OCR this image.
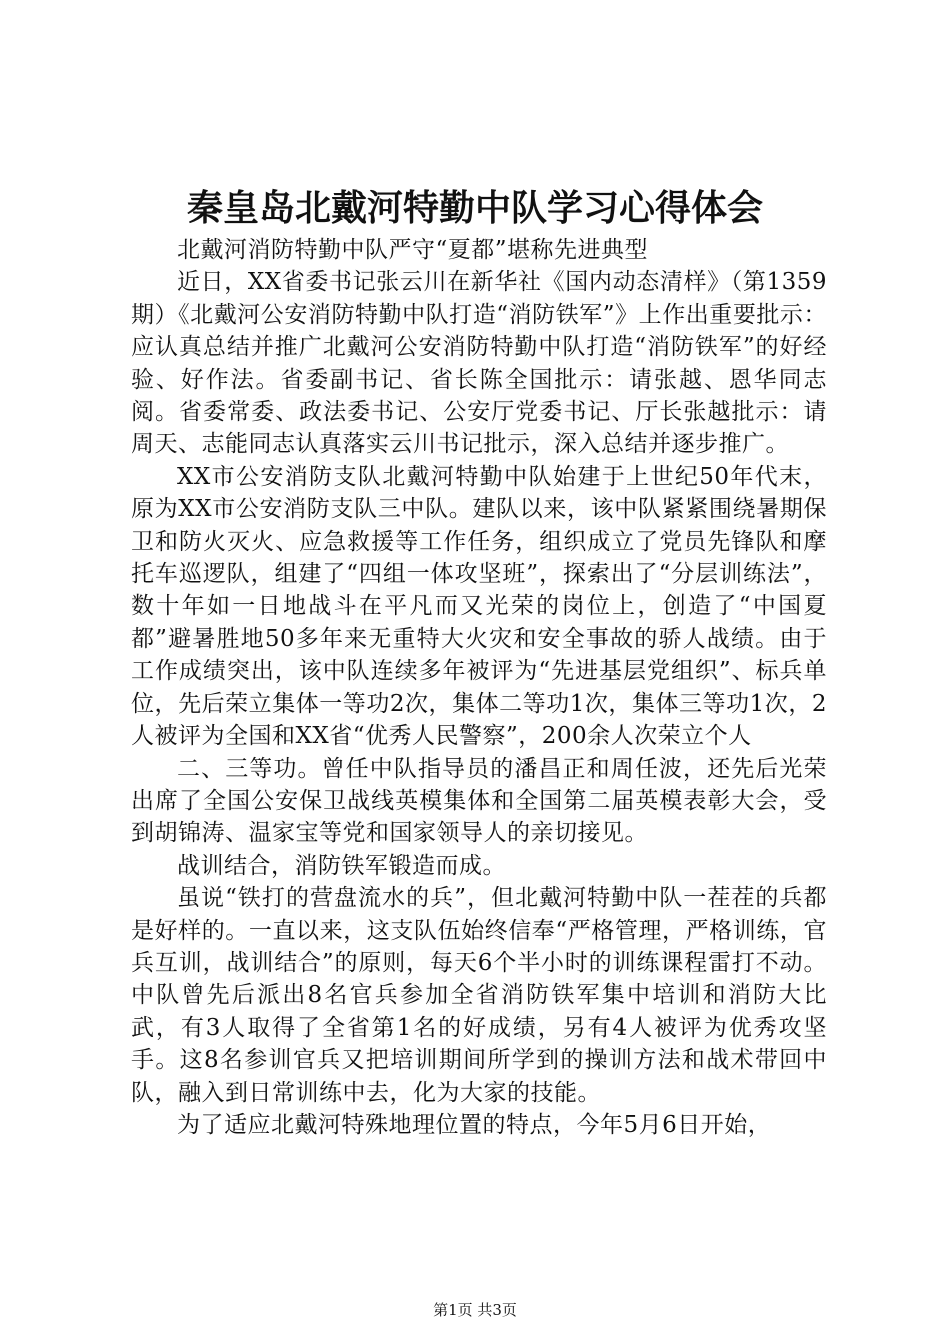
秦皇岛北戴河特勤中队学习心得体会

北戴河消防特勤中队严守“夏都”堪称先进典型

近日，XX省委书记张云川在新华社《国内动态清样》（第1359期）《北戴河公安消防特勤中队打造“消防铁军”》上作出重要批示：应认真总结并推广北戴河公安消防特勤中队打造“消防铁军”的好经验、好作法。省委副书记、省长陈全国批示：请张越、恩华同志阅。省委常委、政法委书记、公安厅党委书记、厅长张越批示：请周天、志能同志认真落实云川书记批示，深入总结并逐步推广。

XX市公安消防支队北戴河特勤中队始建于上世纪50年代末，原为XX市公安消防支队三中队。建队以来，该中队紧紧围绕暑期保卫和防火灭火、应急救援等工作任务，组织成立了党员先锋队和摩托车巡逻队，组建了“四组一体攻坚班”，探索出了“分层训练法”，数十年如一日地战斗在平凡而又光荣的岗位上，创造了“中国夏都”避暑胜地50多年来无重特大火灾和安全事故的骄人战绩。由于工作成绩突出，该中队连续多年被评为“先进基层党组织”、标兵单位，先后荣立集体一等功2次，集体二等功1次，集体三等功1次，2人被评为全国和XX省“优秀人民警察”，200余人次荣立个人

二、三等功。曾任中队指导员的潘昌正和周任波，还先后光荣出席了全国公安保卫战线英模集体和全国第二届英模表彰大会，受到胡锦涛、温家宝等党和国家领导人的亲切接见。

战训结合，消防铁军锻造而成。

虽说“铁打的营盘流水的兵”，但北戴河特勤中队一茬茬的兵都是好样的。一直以来，这支队伍始终信奉“严格管理，严格训练，官兵互训，战训结合”的原则，每天6个半小时的训练课程雷打不动。中队曾先后派出8名官兵参加全省消防铁军集中培训和消防大比武，有3人取得了全省第1名的好成绩，另有4人被评为优秀攻坚手。这8名参训官兵又把培训期间所学到的操训方法和战术带回中队，融入到日常训练中去，化为大家的技能。

为了适应北戴河特殊地理位置的特点，今年5月6日开始，

第1页 共3页
